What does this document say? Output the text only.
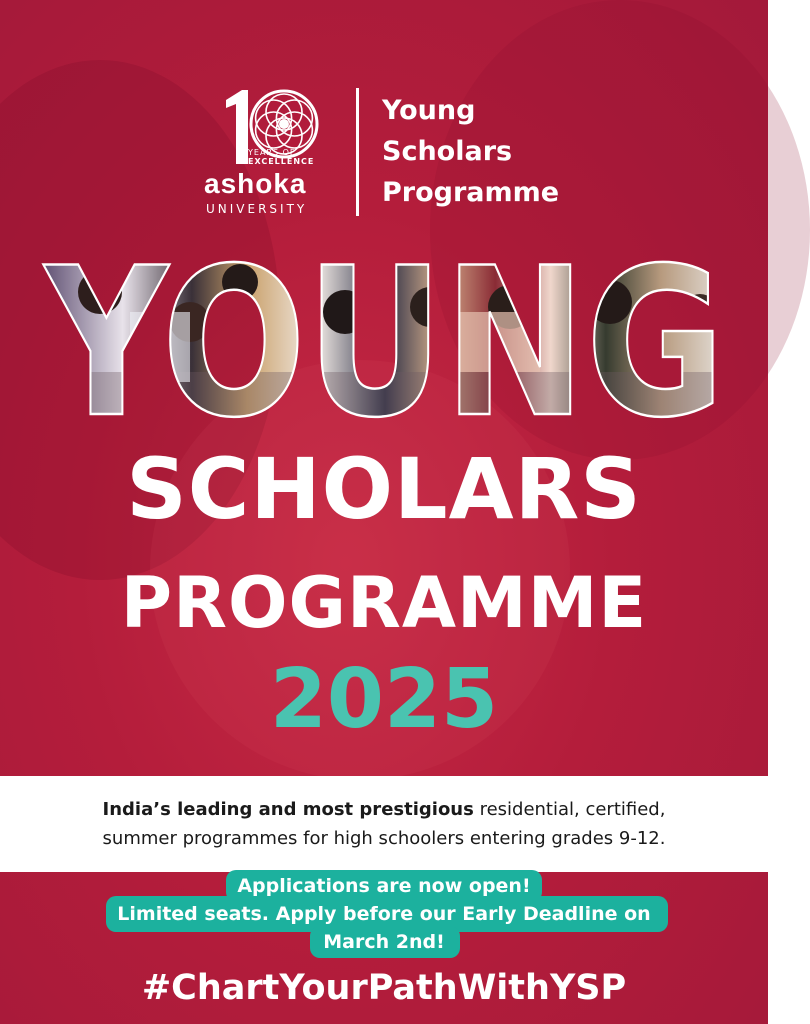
YEARS OF
EXCELLENCE
ashoka
UNIVERSITY
Young
Scholars
Programme
YOUNG
SCHOLARS
PROGRAMME
2025
India’s leading and most prestigious residential, certified,
summer programmes for high schoolers entering grades 9-12.
Applications are now open!
Limited seats. Apply before our Early Deadline on
March 2nd!
#ChartYourPathWithYSP
